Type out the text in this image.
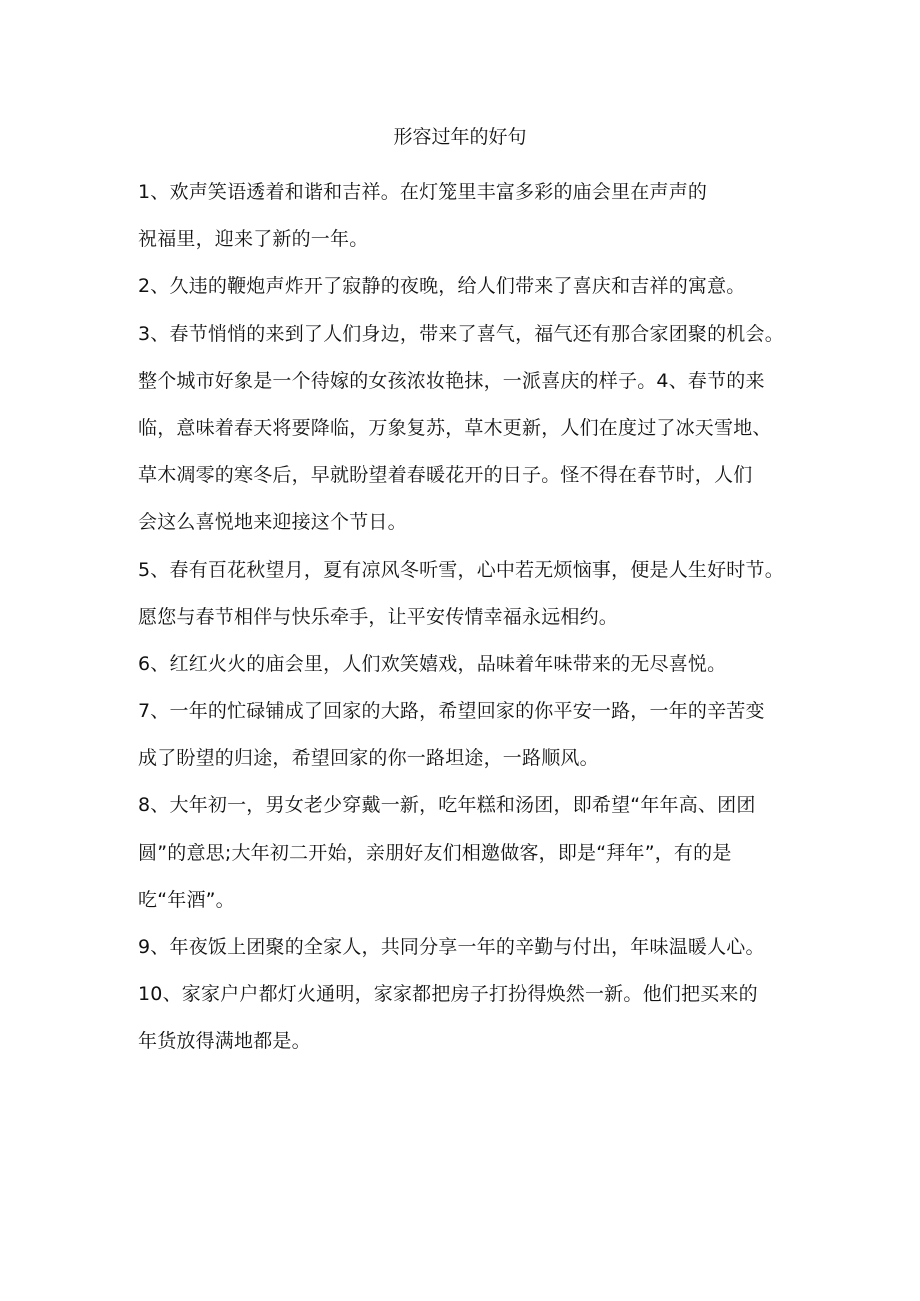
形容过年的好句
1、欢声笑语透着和谐和吉祥。在灯笼里丰富多彩的庙会里在声声的
祝福里，迎来了新的一年。
2、久违的鞭炮声炸开了寂静的夜晚，给人们带来了喜庆和吉祥的寓意。
3、春节悄悄的来到了人们身边，带来了喜气，福气还有那合家团聚的机会。
整个城市好象是一个待嫁的女孩浓妆艳抹，一派喜庆的样子。4、春节的来
临，意味着春天将要降临，万象复苏，草木更新，人们在度过了冰天雪地、
草木凋零的寒冬后，早就盼望着春暖花开的日子。怪不得在春节时，人们
会这么喜悦地来迎接这个节日。
5、春有百花秋望月，夏有凉风冬听雪，心中若无烦恼事，便是人生好时节。
愿您与春节相伴与快乐牵手，让平安传情幸福永远相约。
6、红红火火的庙会里，人们欢笑嬉戏，品味着年味带来的无尽喜悦。
7、一年的忙碌铺成了回家的大路，希望回家的你平安一路，一年的辛苦变
成了盼望的归途，希望回家的你一路坦途，一路顺风。
8、大年初一，男女老少穿戴一新，吃年糕和汤团，即希望“年年高、团团
圆”的意思;大年初二开始，亲朋好友们相邀做客，即是“拜年”，有的是
吃“年酒”。
9、年夜饭上团聚的全家人，共同分享一年的辛勤与付出，年味温暖人心。
10、家家户户都灯火通明，家家都把房子打扮得焕然一新。他们把买来的
年货放得满地都是。
